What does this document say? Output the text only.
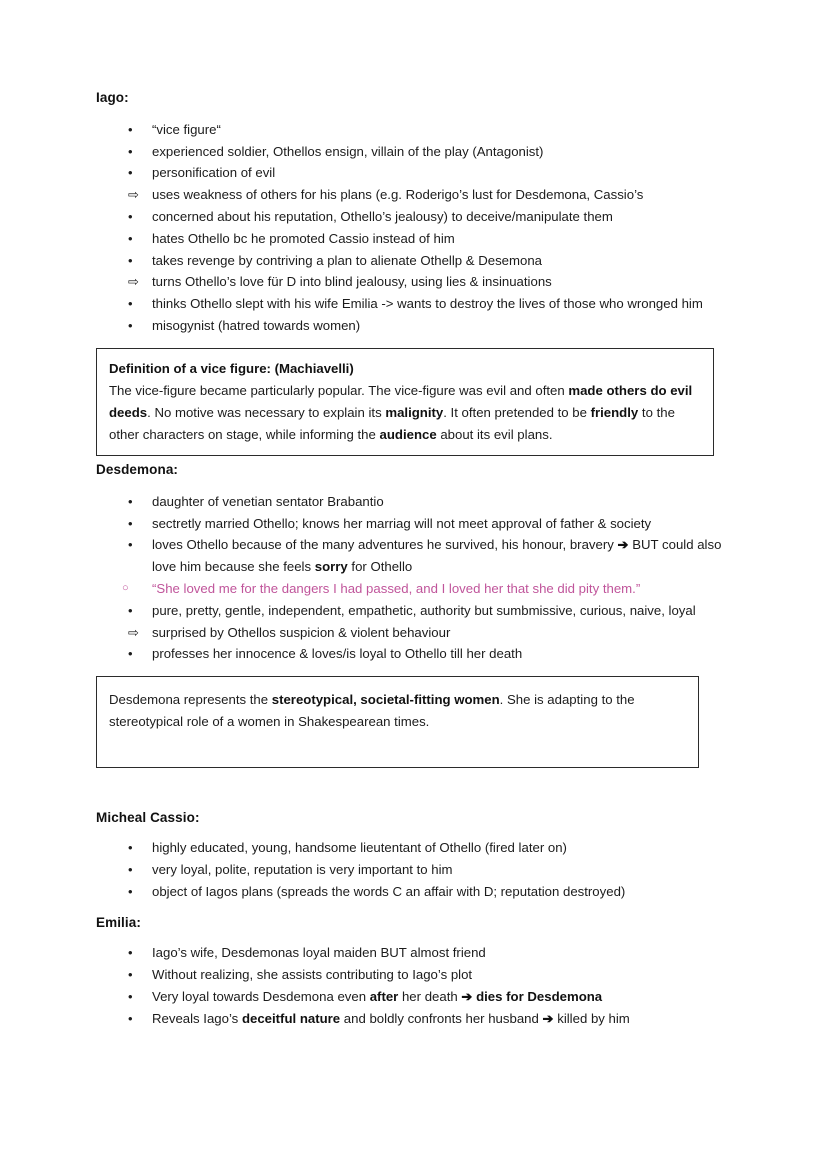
Iago:
•	“vice figure“
•	experienced soldier, Othellos ensign, villain of the play (Antagonist)
•	personification of evil
⇨ uses weakness of others for his plans (e.g. Roderigo’s lust for Desdemona, Cassio’s
•	concerned about his reputation, Othello’s jealousy) to deceive/manipulate them
•	hates Othello bc he promoted Cassio instead of him
•	takes revenge by contriving a plan to alienate Othellp & Desemona
⇨ turns Othello’s love für D into blind jealousy, using lies & insinuations
•	thinks Othello slept with his wife Emilia -> wants to destroy the lives of those who wronged him
•	misogynist (hatred towards women)

Definition of a vice figure: (Machiavelli)

The vice-figure became particularly popular. The vice-figure was evil and often made others do evil deeds. No motive was necessary to explain its malignity. It often pretended to be friendly to the other characters on stage, while informing the audience about its evil plans.

Desdemona:
•	daughter of venetian sentator Brabantio
•	sectretly married Othello; knows her marriag will not meet approval of father & society
•	loves Othello because of the many adventures he survived, his honour, bravery ➔ BUT could also love him because she feels sorry for Othello
○	“She loved me for the dangers I had passed, and I loved her that she did pity them.”
•	pure, pretty, gentle, independent, empathetic, authority but sumbmissive, curious, naive, loyal
⇨ surprised by Othellos suspicion & violent behaviour
•	professes her innocence & loves/is loyal to Othello till her death

Desdemona represents the stereotypical, societal-fitting women. She is adapting to the stereotypical role of a women in Shakespearean times.

Micheal Cassio:
•	highly educated, young, handsome lieutentant of Othello (fired later on)
•	very loyal, polite, reputation is very important to him
•	object of Iagos plans (spreads the words C an affair with D; reputation destroyed)
Emilia:
•	Iago’s wife, Desdemonas loyal maiden BUT almost friend
•	Without realizing, she assists contributing to Iago’s plot
•	Very loyal towards Desdemona even after her death ➔ dies for Desdemona
•	Reveals Iago’s deceitful nature and boldly confronts her husband ➔ killed by him
